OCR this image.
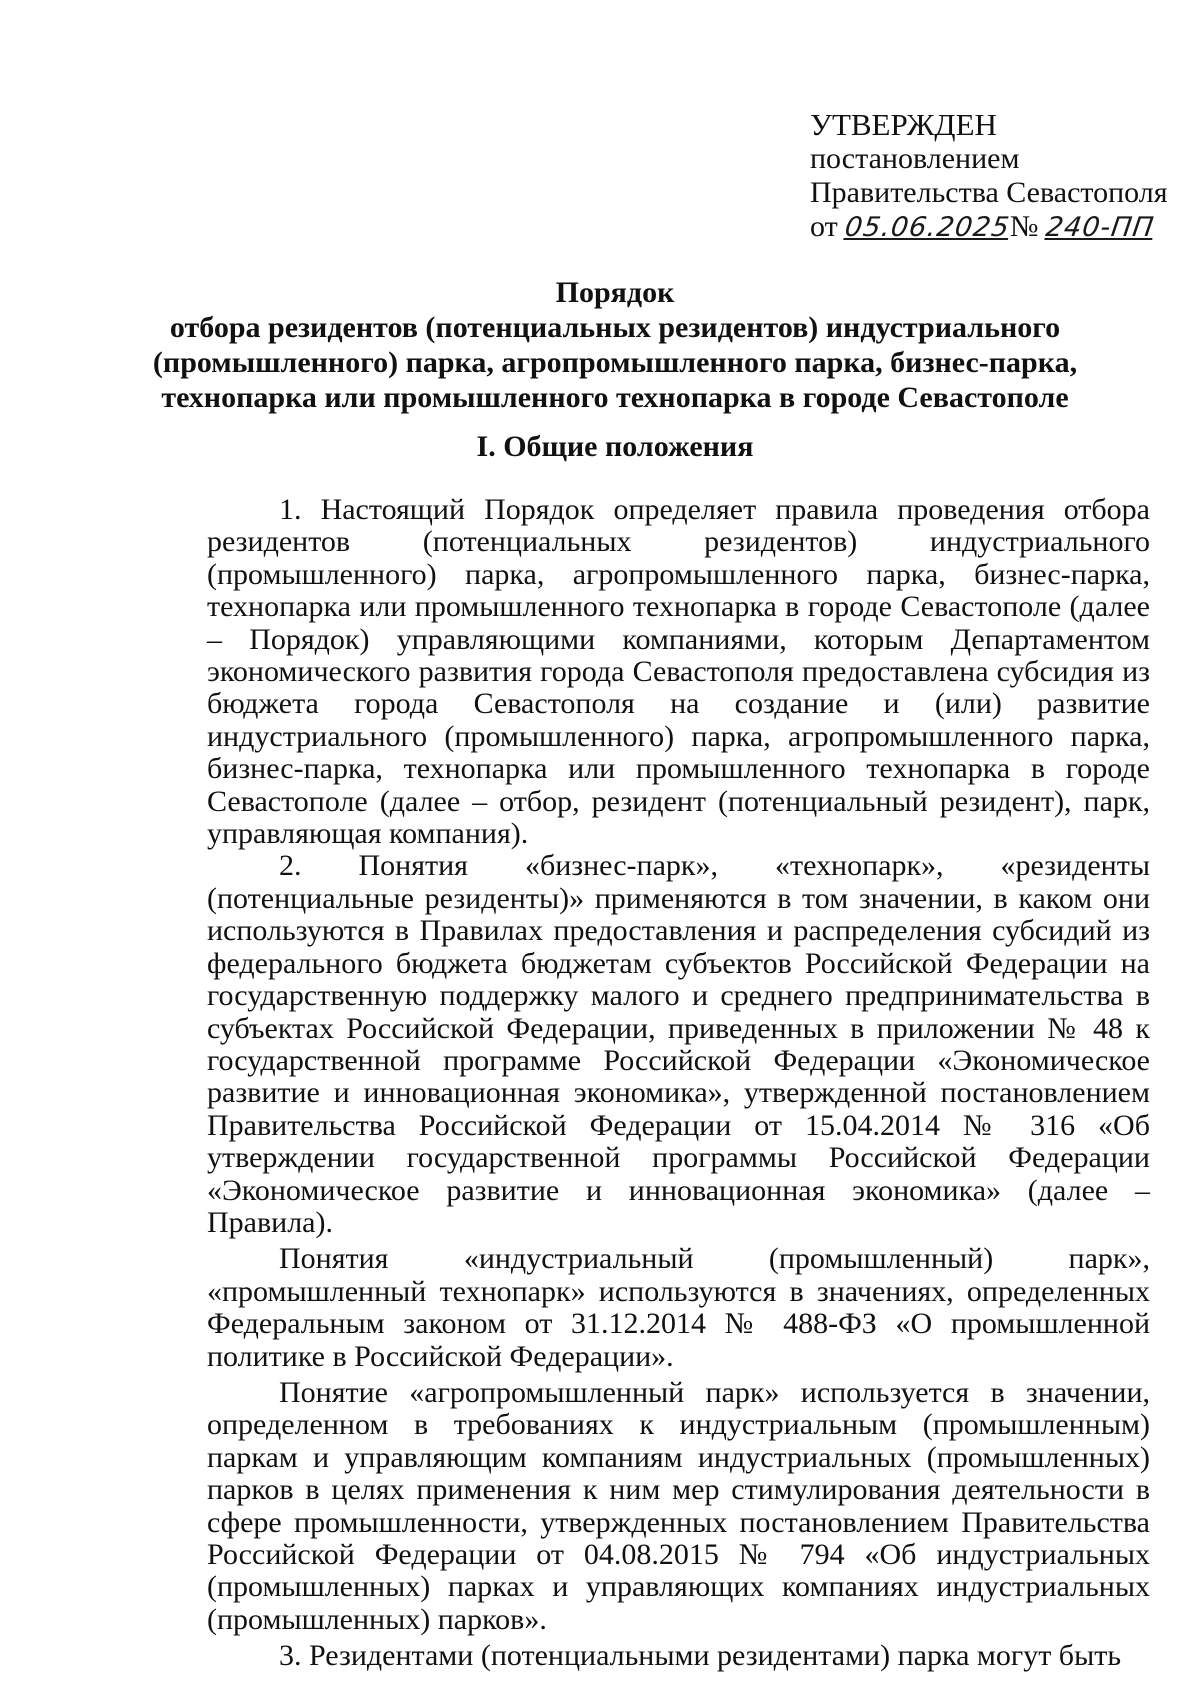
УТВЕРЖДЕН
постановлением
Правительства Севастополя
от 05.06.2025№ 240-ПП
Порядок
отбора резидентов (потенциальных резидентов) индустриального (промышленного) парка, агропромышленного парка, бизнес-парка, технопарка или промышленного технопарка в городе Севастополе
I. Общие положения

1. Настоящий Порядок определяет правила проведения отбора резидентов (потенциальных резидентов) индустриального (промышленного) парка, агропромышленного парка, бизнес-парка, технопарка или промышленного технопарка в городе Севастополе (далее – Порядок) управляющими компаниями, которым Департаментом экономического развития города Севастополя предоставлена субсидия из бюджета города Севастополя на создание и (или) развитие индустриального (промышленного) парка, агропромышленного парка, бизнес-парка, технопарка или промышленного технопарка в городе Севастополе (далее – отбор, резидент (потенциальный резидент), парк, управляющая компания).

2. Понятия «бизнес-парк», «технопарк», «резиденты (потенциальные резиденты)» применяются в том значении, в каком они используются в Правилах предоставления и распределения субсидий из федерального бюджета бюджетам субъектов Российской Федерации на государственную поддержку малого и среднего предпринимательства в субъектах Российской Федерации, приведенных в приложении № 48 к государственной программе Российской Федерации «Экономическое развитие и инновационная экономика», утвержденной постановлением Правительства Российской Федерации от 15.04.2014 № 316 «Об утверждении государственной программы Российской Федерации «Экономическое развитие и инновационная экономика» (далее – Правила).

Понятия «индустриальный (промышленный) парк», «промышленный технопарк» используются в значениях, определенных Федеральным законом от 31.12.2014 № 488-ФЗ «О промышленной политике в Российской Федерации».

Понятие «агропромышленный парк» используется в значении, определенном в требованиях к индустриальным (промышленным) паркам и управляющим компаниям индустриальных (промышленных) парков в целях применения к ним мер стимулирования деятельности в сфере промышленности, утвержденных постановлением Правительства Российской Федерации от 04.08.2015 № 794 «Об индустриальных (промышленных) парках и управляющих компаниях индустриальных (промышленных) парков».

3. Резидентами (потенциальными резидентами) парка могут быть
